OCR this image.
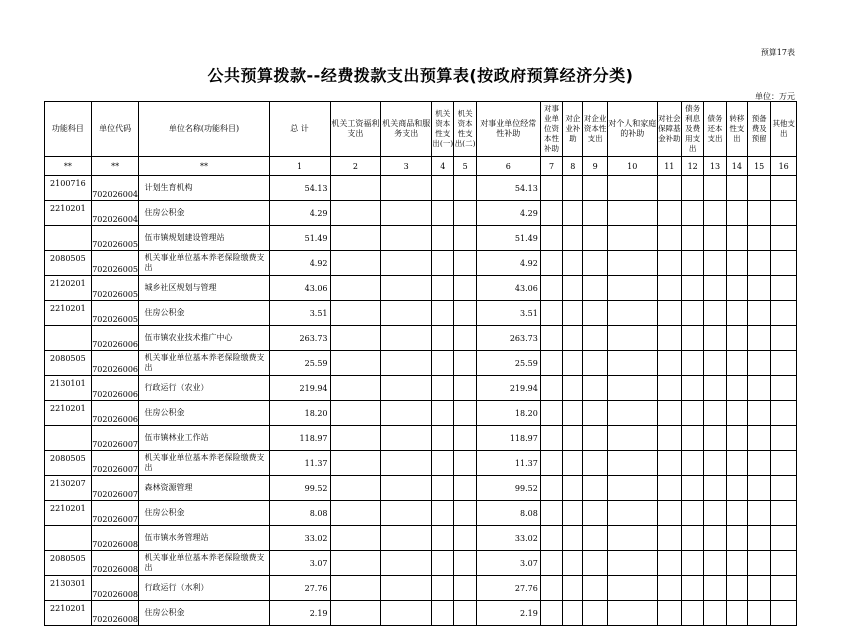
预算17表
公共预算拨款--经费拨款支出预算表(按政府预算经济分类)
单位：万元
功能科目	单位代码	单位名称(功能科目)	总 计	机关工资福利支出	机关商品和服务支出	机关资本性支出(一)	机关资本性支出(二)	对事业单位经常性补助	对事业单位资本性补助	对企业补助	对企业资本性支出	对个人和家庭的补助	对社会保障基金补助	债务利息及费用支出	债务还本支出	转移性支出	预备费及预留	其他支出
**	**	**	1	2	3	4	5	6	7	8	9	10	11	12	13	14	15	16
2100716	702026004	计划生育机构	54.13					54.13										
2210201	702026004	住房公积金	4.29					4.29										
	702026005	伍市镇规划建设管理站	51.49					51.49										
2080505	702026005	机关事业单位基本养老保险缴费支出	4.92					4.92										
2120201	702026005	城乡社区规划与管理	43.06					43.06										
2210201	702026005	住房公积金	3.51					3.51										
	702026006	伍市镇农业技术推广中心	263.73					263.73										
2080505	702026006	机关事业单位基本养老保险缴费支出	25.59					25.59										
2130101	702026006	行政运行（农业）	219.94					219.94										
2210201	702026006	住房公积金	18.20					18.20										
	702026007	伍市镇林业工作站	118.97					118.97										
2080505	702026007	机关事业单位基本养老保险缴费支出	11.37					11.37										
2130207	702026007	森林资源管理	99.52					99.52										
2210201	702026007	住房公积金	8.08					8.08										
	702026008	伍市镇水务管理站	33.02					33.02										
2080505	702026008	机关事业单位基本养老保险缴费支出	3.07					3.07										
2130301	702026008	行政运行（水利）	27.76					27.76										
2210201	702026008	住房公积金	2.19					2.19										
